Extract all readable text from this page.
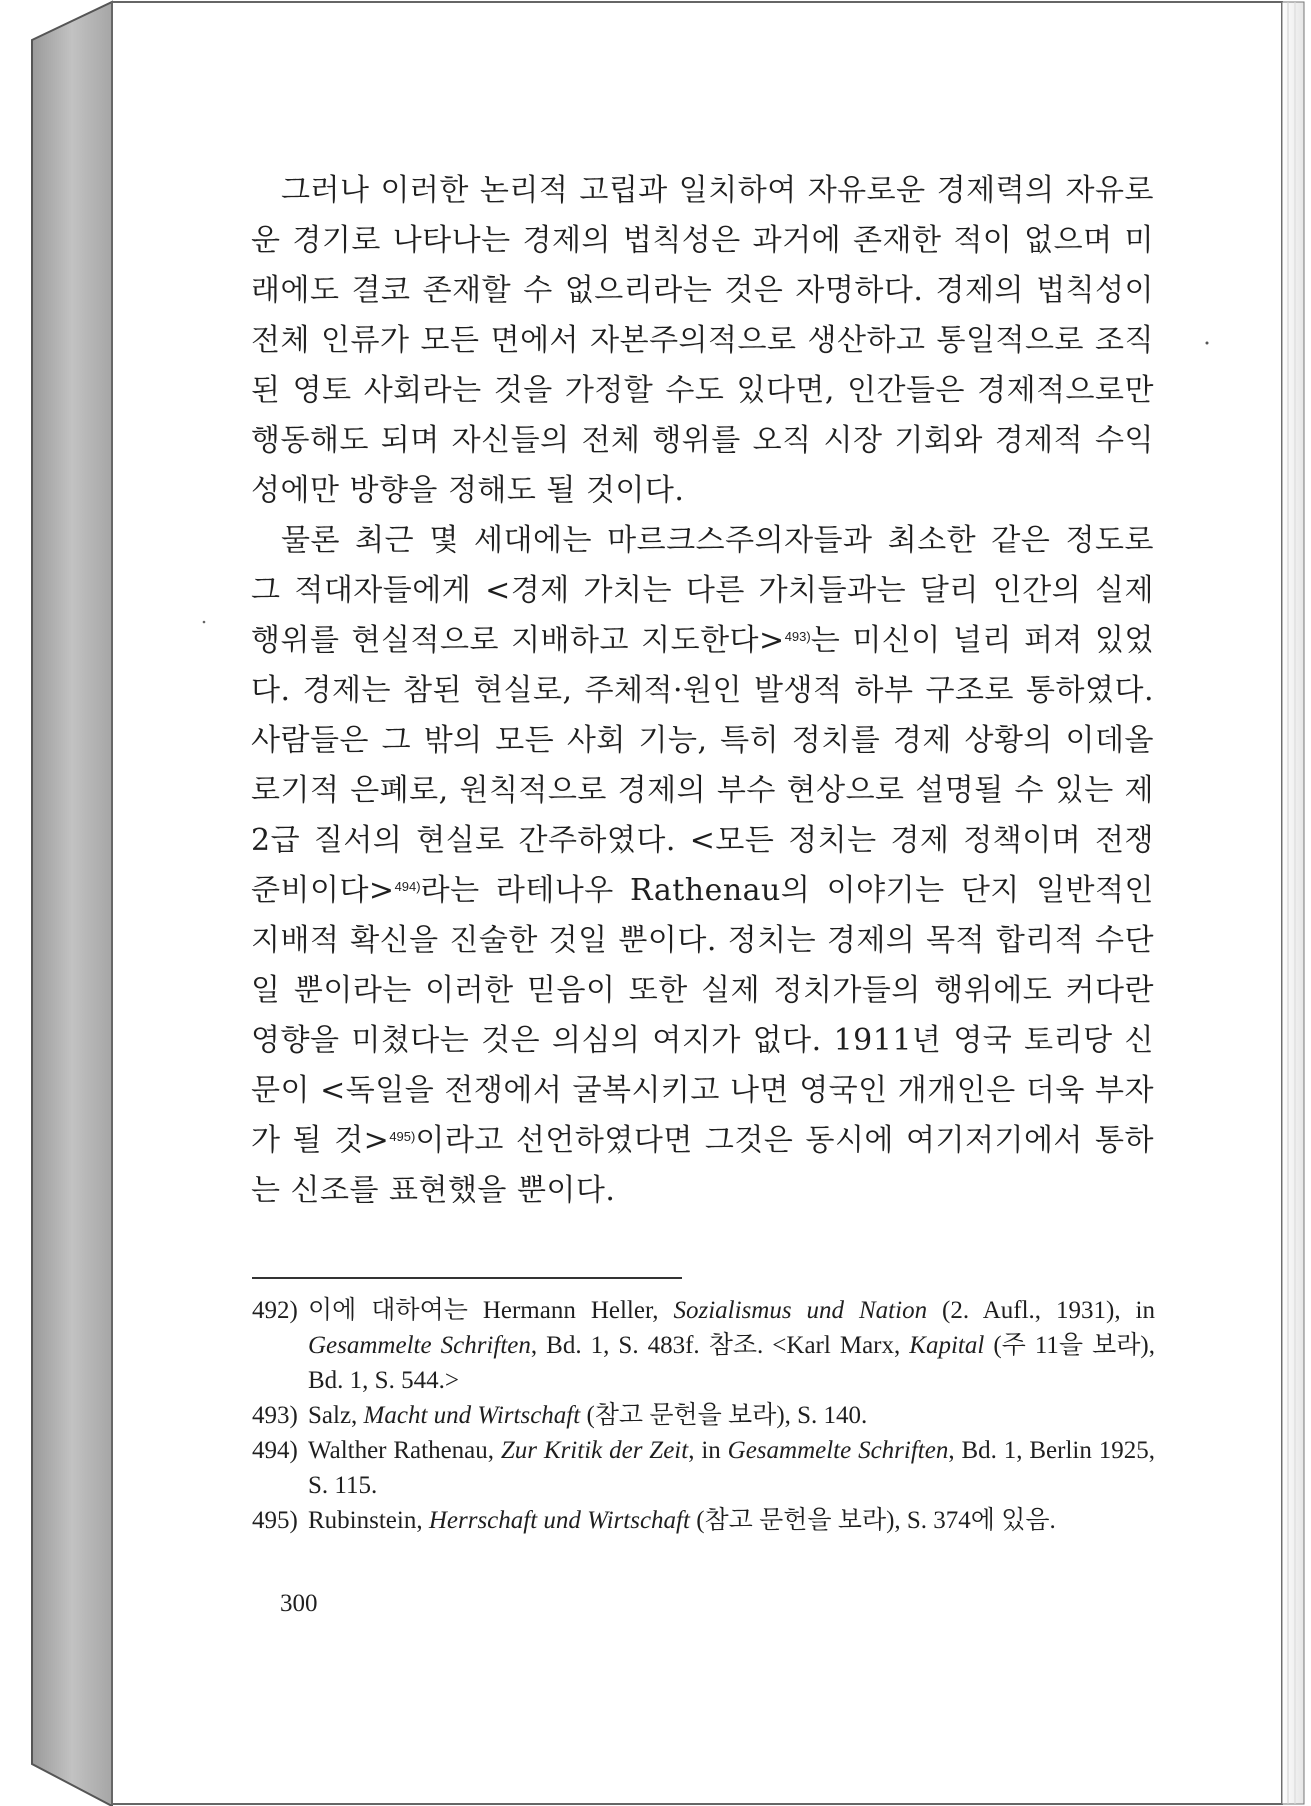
그러나 이러한 논리적 고립과 일치하여 자유로운 경제력의 자유로운 경기로 나타나는 경제의 법칙성은 과거에 존재한 적이 없으며 미래에도 결코 존재할 수 없으리라는 것은 자명하다. 경제의 법칙성이 전체 인류가 모든 면에서 자본주의적으로 생산하고 통일적으로 조직된 영토 사회라는 것을 가정할 수도 있다면, 인간들은 경제적으로만 행동해도 되며 자신들의 전체 행위를 오직 시장 기회와 경제적 수익성에만 방향을 정해도 될 것이다.

물론 최근 몇 세대에는 마르크스주의자들과 최소한 같은 정도로 그 적대자들에게 <경제 가치는 다른 가치들과는 달리 인간의 실제 행위를 현실적으로 지배하고 지도한다>$^{493)}$는 미신이 널리 퍼져 있었다. 경제는 참된 현실로, 주체적·원인 발생적 하부 구조로 통하였다. 사람들은 그 밖의 모든 사회 기능, 특히 정치를 경제 상황의 이데올로기적 은폐로, 원칙적으로 경제의 부수 현상으로 설명될 수 있는 제2급 질서의 현실로 간주하였다. <모든 정치는 경제 정책이며 전쟁 준비이다>$^{494)}$라는 라테나우 Rathenau의 이야기는 단지 일반적인 지배적 확신을 진술한 것일 뿐이다. 정치는 경제의 목적 합리적 수단일 뿐이라는 이러한 믿음이 또한 실제 정치가들의 행위에도 커다란 영향을 미쳤다는 것은 의심의 여지가 없다. 1911년 영국 토리당 신문이 <독일을 전쟁에서 굴복시키고 나면 영국인 개개인은 더욱 부자가 될 것>$^{495)}$이라고 선언하였다면 그것은 동시에 여기저기에서 통하는 신조를 표현했을 뿐이다.

492) 이에 대하여는 Hermann Heller, Sozialismus und Nation (2. Aufl., 1931), in Gesammelte Schriften, Bd. 1, S. 483f. 참조. <Karl Marx, Kapital (주 11을 보라), Bd. 1, S. 544.>
493) Salz, Macht und Wirtschaft (참고 문헌을 보라), S. 140.
494) Walther Rathenau, Zur Kritik der Zeit, in Gesammelte Schriften, Bd. 1, Berlin 1925, S. 115.
495) Rubinstein, Herrschaft und Wirtschaft (참고 문헌을 보라), S. 374에 있음.
300
